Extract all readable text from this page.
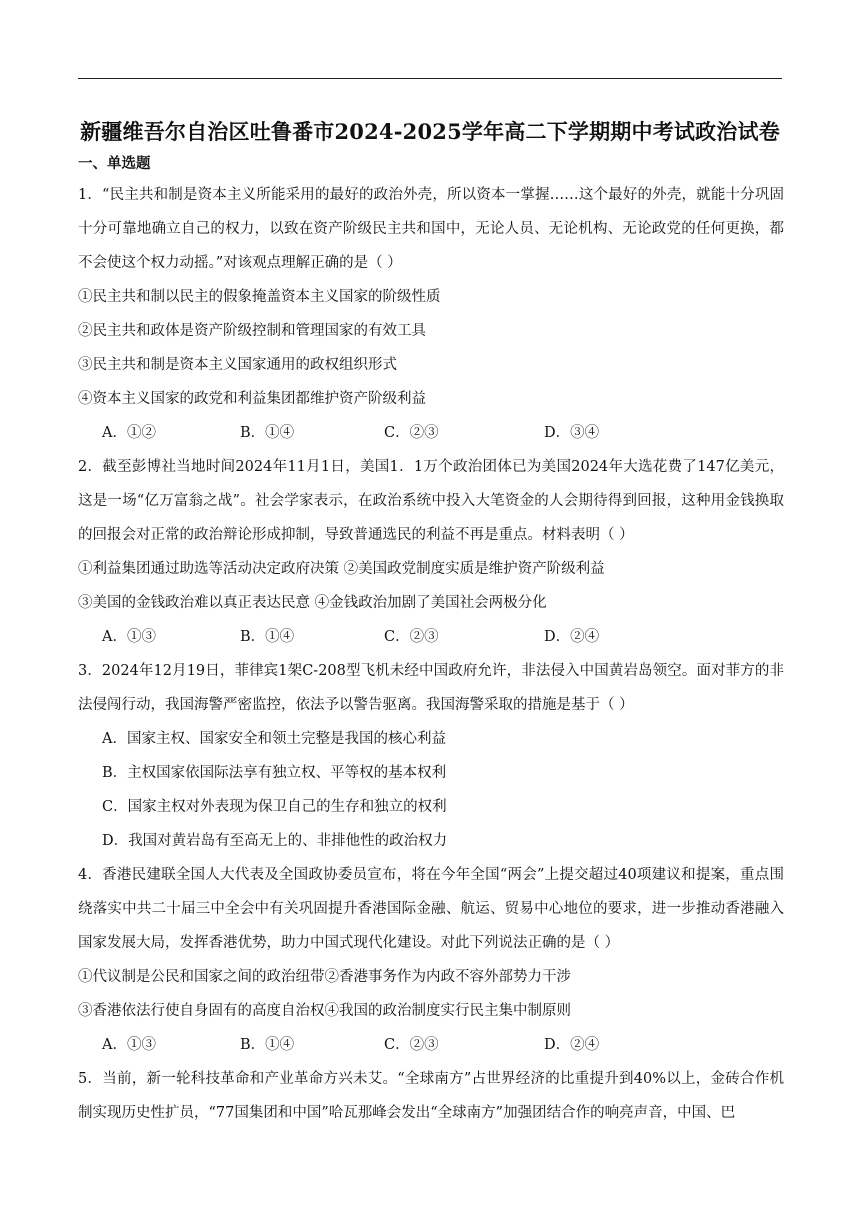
新疆维吾尔自治区吐鲁番市2024-2025学年高二下学期期中考试政治试卷
一、单选题

1．“民主共和制是资本主义所能采用的最好的政治外壳，所以资本一掌握……这个最好的外壳，就能十分巩固十分可靠地确立自己的权力，以致在资产阶级民主共和国中，无论人员、无论机构、无论政党的任何更换，都不会使这个权力动摇。”对该观点理解正确的是（ ）

①民主共和制以民主的假象掩盖资本主义国家的阶级性质

②民主共和政体是资产阶级控制和管理国家的有效工具

③民主共和制是资本主义国家通用的政权组织形式

④资本主义国家的政党和利益集团都维护资产阶级利益

A．①②	B．①④	C．②③	D．③④

2．截至彭博社当地时间2024年11月1日，美国1．1万个政治团体已为美国2024年大选花费了147亿美元，这是一场“亿万富翁之战”。社会学家表示，在政治系统中投入大笔资金的人会期待得到回报，这种用金钱换取的回报会对正常的政治辩论形成抑制，导致普通选民的利益不再是重点。材料表明（ ）

①利益集团通过助选等活动决定政府决策 ②美国政党制度实质是维护资产阶级利益

③美国的金钱政治难以真正表达民意 ④金钱政治加剧了美国社会两极分化

A．①③	B．①④	C．②③	D．②④

3．2024年12月19日，菲律宾1架C-208型飞机未经中国政府允许，非法侵入中国黄岩岛领空。面对菲方的非法侵闯行动，我国海警严密监控，依法予以警告驱离。我国海警采取的措施是基于（ ）

A．国家主权、国家安全和领土完整是我国的核心利益

B．主权国家依国际法享有独立权、平等权的基本权利

C．国家主权对外表现为保卫自己的生存和独立的权利

D．我国对黄岩岛有至高无上的、非排他性的政治权力

4．香港民建联全国人大代表及全国政协委员宣布，将在今年全国“两会”上提交超过40项建议和提案，重点围绕落实中共二十届三中全会中有关巩固提升香港国际金融、航运、贸易中心地位的要求，进一步推动香港融入国家发展大局，发挥香港优势，助力中国式现代化建设。对此下列说法正确的是（ ）

①代议制是公民和国家之间的政治纽带②香港事务作为内政不容外部势力干涉

③香港依法行使自身固有的高度自治权④我国的政治制度实行民主集中制原则

A．①③	B．①④	C．②③	D．②④

5．当前，新一轮科技革命和产业革命方兴未艾。“全球南方”占世界经济的比重提升到40%以上，金砖合作机制实现历史性扩员，“77国集团和中国”哈瓦那峰会发出“全球南方”加强团结合作的响亮声音，中国、巴
